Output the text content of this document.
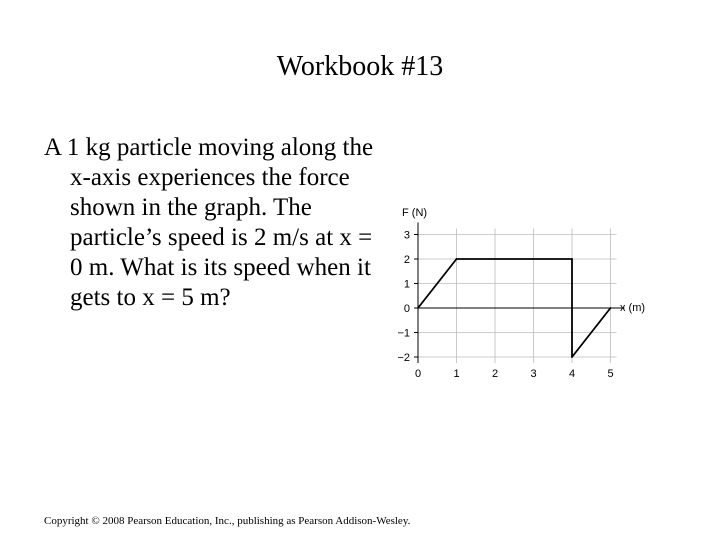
Workbook #13
A 1 kg particle moving along the x-axis experiences the force shown in the graph. The particle’s speed is 2 m/s at x = 0 m. What is its speed when it gets to x = 5 m?
3
2
1
0
−1
−2
0	1	2	3	4	5
F (N)
x (m)
Copyright © 2008 Pearson Education, Inc., publishing as Pearson Addison-Wesley.
